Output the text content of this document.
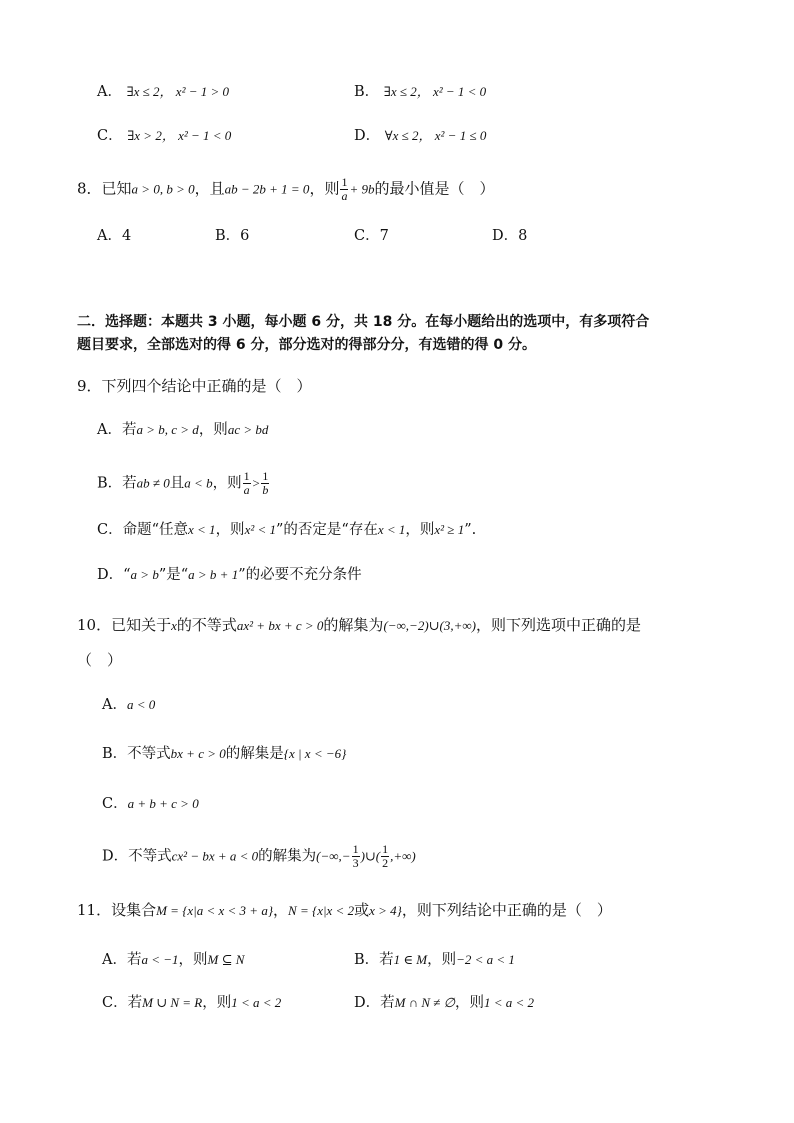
A． ∃x ≤ 2， x² − 1 > 0	B． ∃x ≤ 2， x² − 1 < 0
C． ∃x > 2， x² − 1 < 0	D． ∀x ≤ 2， x² − 1 ≤ 0
8．已知a > 0, b > 0，且ab − 2b + 1 = 0，则 $\frac{1}{a} + 9b$的最小值是（　）
A．4	B．6	C．7	D．8
二．选择题：本题共 3 小题，每小题 6 分，共 18 分。在每小题给出的选项中，有多项符合
题目要求，全部选对的得 6 分，部分选对的得部分分，有选错的得 0 分。
9．下列四个结论中正确的是（　）
A．若a > b, c > d，则ac > bd
B．若ab ≠ 0且a < b，则 $\frac{1}{a} > \frac{1}{b}$
C．命题“任意x < 1，则x² < 1”的否定是“存在x < 1，则x² ≥ 1”.
D．“a > b”是“a > b + 1”的必要不充分条件
10．已知关于x的不等式ax² + bx + c > 0的解集为(−∞,−2)∪(3,+∞)，则下列选项中正确的是
（　）
A．a < 0
B．不等式bx + c > 0的解集是{x | x < −6}
C．a + b + c > 0
D．不等式cx² − bx + a < 0的解集为(−∞,− $\frac{1}{3}$ )∪( $\frac{1}{2}$ ,+∞)
11．设集合M = {x|a < x < 3 + a}，N = {x|x < 2或x > 4}，则下列结论中正确的是（　）
A．若a < −1，则M ⊆ N	B．若1 ∈ M，则−2 < a < 1
C．若M ∪ N = R，则1 < a < 2	D．若M ∩ N ≠ ∅，则1 < a < 2
